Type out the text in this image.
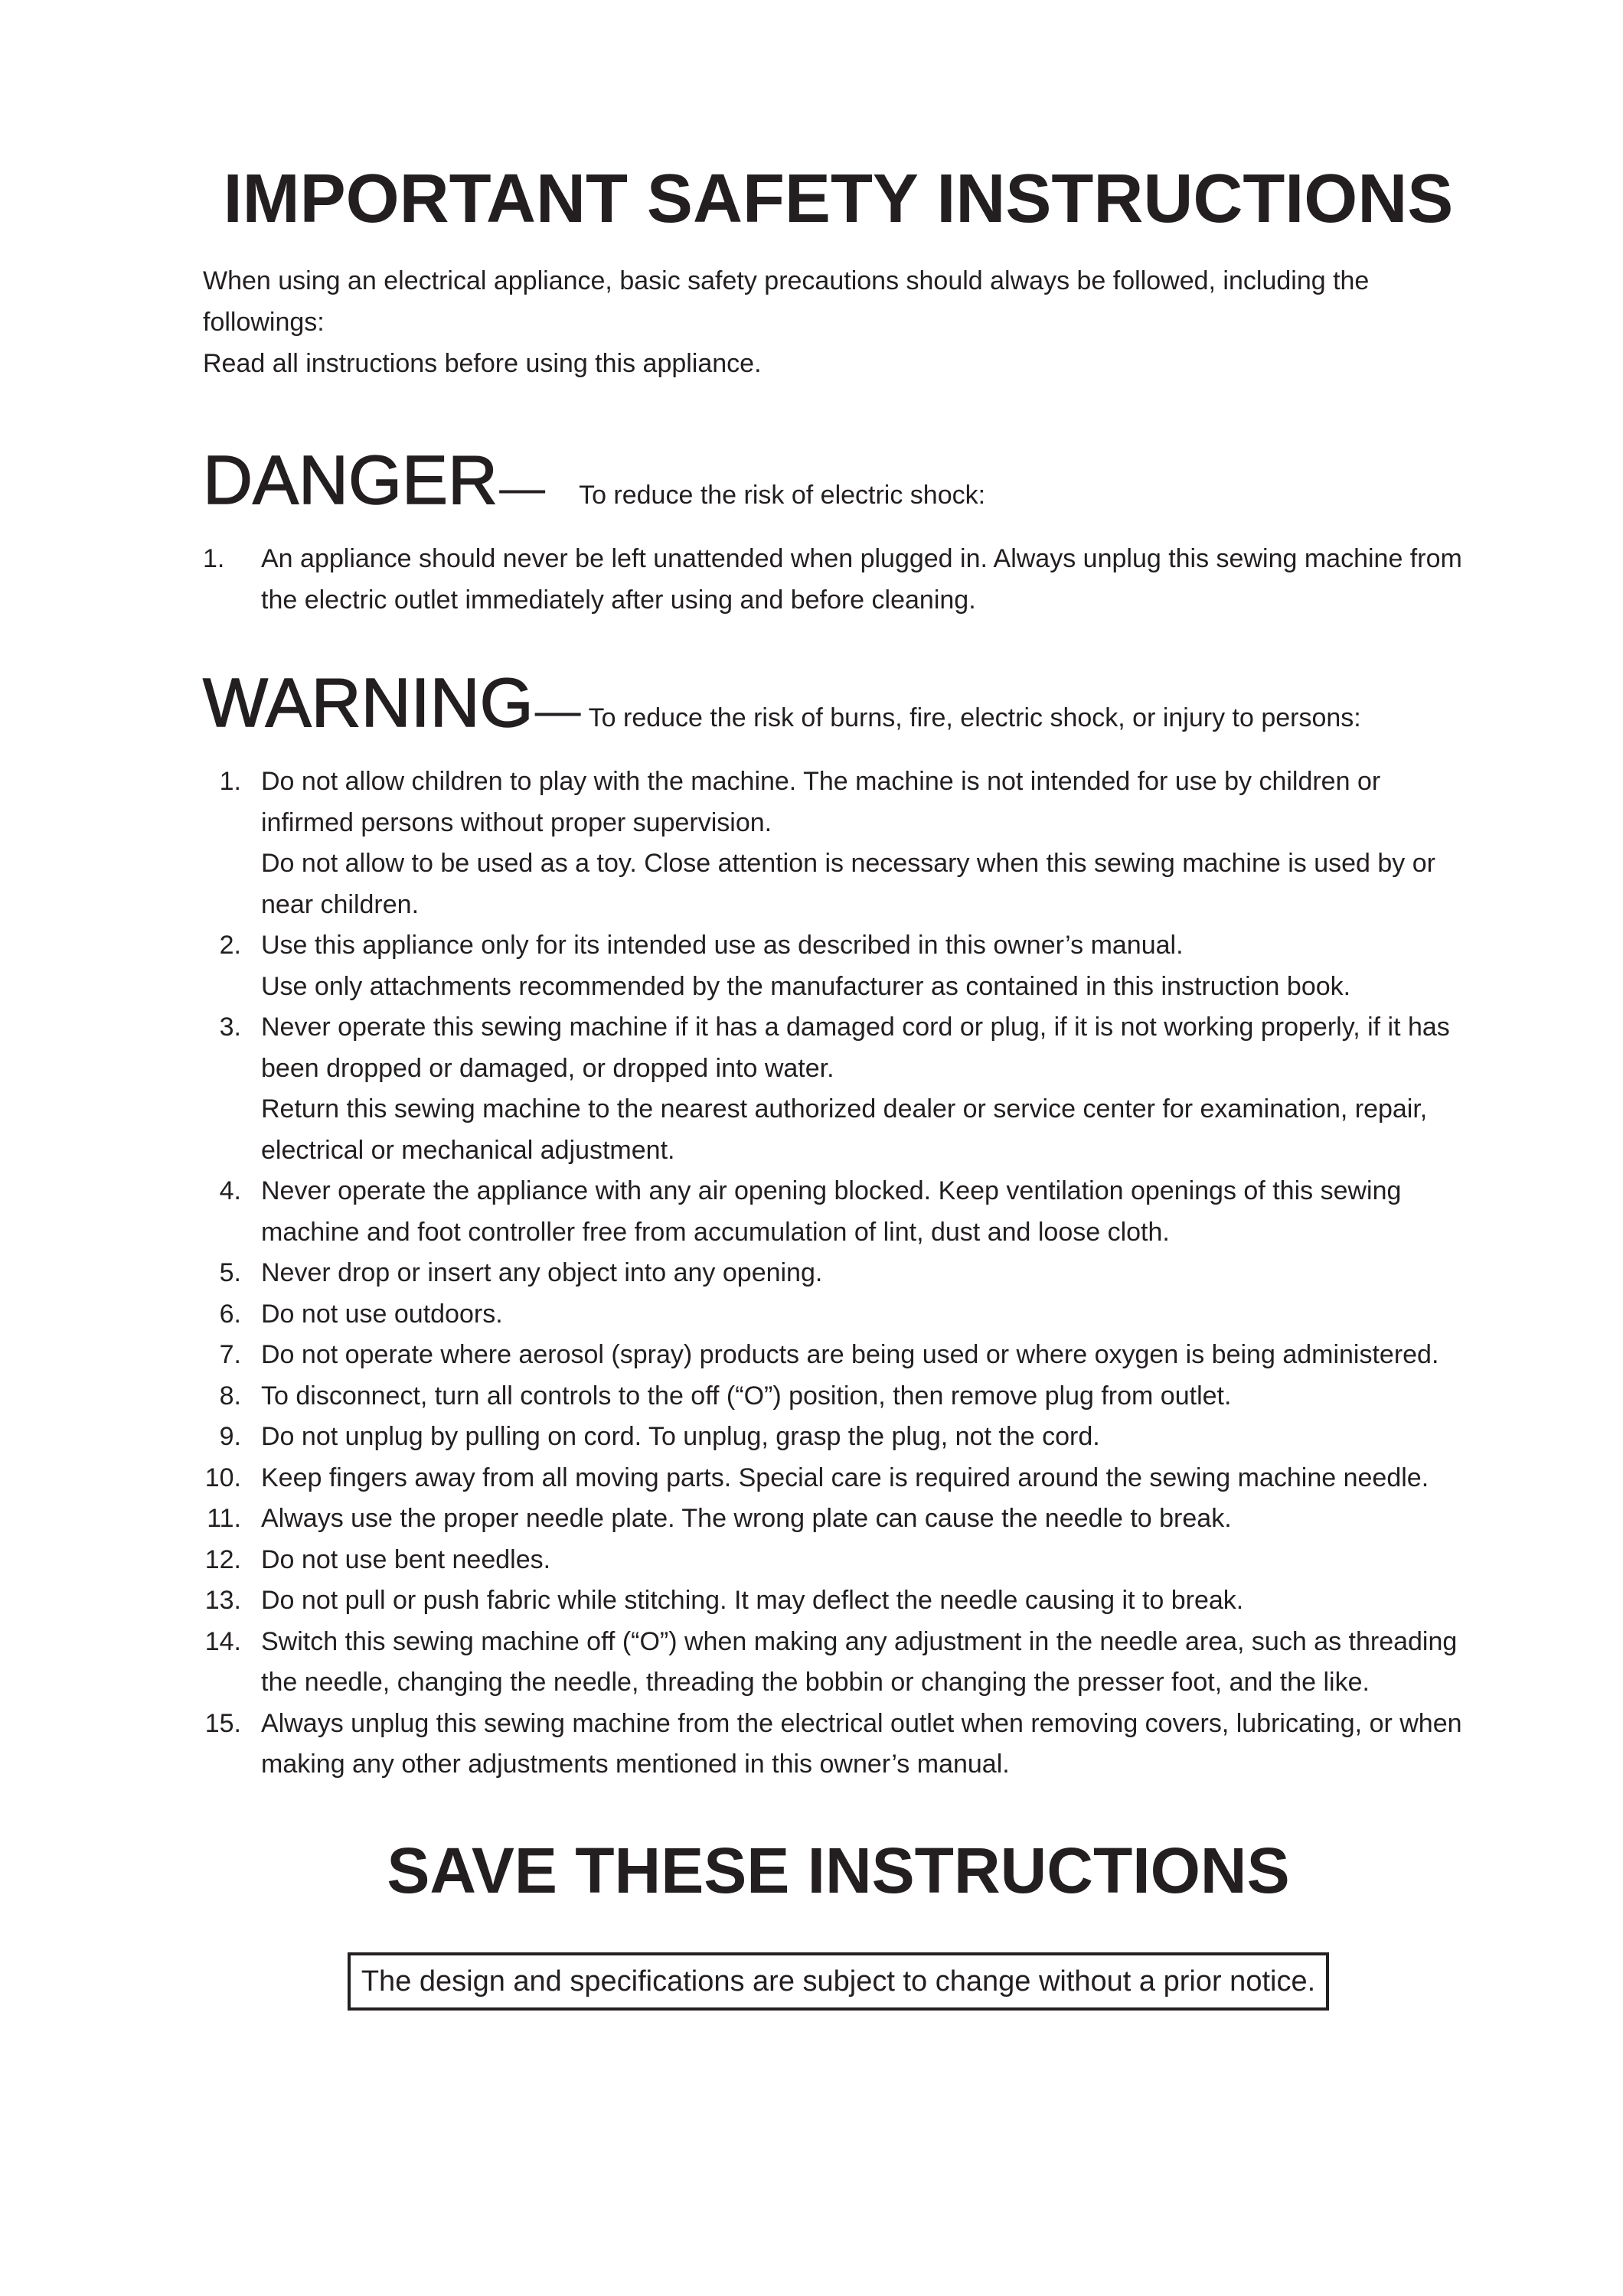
IMPORTANT SAFETY INSTRUCTIONS

When using an electrical appliance, basic safety precautions should always be followed, including the followings:

Read all instructions before using this appliance.

DANGER — To reduce the risk of electric shock:
1.	An appliance should never be left unattended when plugged in. Always unplug this sewing machine from the electric outlet immediately after using and before cleaning.

WARNING — To reduce the risk of burns, fire, electric shock, or injury to persons:
1. Do not allow children to play with the machine. The machine is not intended for use by children or infirmed persons without proper supervision.

Do not allow to be used as a toy. Close attention is necessary when this sewing machine is used by or near children.

2. Use this appliance only for its intended use as described in this owner’s manual.

Use only attachments recommended by the manufacturer as contained in this instruction book.

3. Never operate this sewing machine if it has a damaged cord or plug, if it is not working properly, if it has been dropped or damaged, or dropped into water.

Return this sewing machine to the nearest authorized dealer or service center for examination, repair, electrical or mechanical adjustment.

4. Never operate the appliance with any air opening blocked. Keep ventilation openings of this sewing machine and foot controller free from accumulation of lint, dust and loose cloth.

5. Never drop or insert any object into any opening.

6. Do not use outdoors.

7. Do not operate where aerosol (spray) products are being used or where oxygen is being administered.

8. To disconnect, turn all controls to the off (“O”) position, then remove plug from outlet.

9. Do not unplug by pulling on cord. To unplug, grasp the plug, not the cord.

10. Keep fingers away from all moving parts. Special care is required around the sewing machine needle.

11. Always use the proper needle plate. The wrong plate can cause the needle to break.

12. Do not use bent needles.

13. Do not pull or push fabric while stitching. It may deflect the needle causing it to break.

14. Switch this sewing machine off (“O”) when making any adjustment in the needle area, such as threading the needle, changing the needle, threading the bobbin or changing the presser foot, and the like.

15. Always unplug this sewing machine from the electrical outlet when removing covers, lubricating, or when making any other adjustments mentioned in this owner’s manual.

SAVE THESE INSTRUCTIONS
The design and specifications are subject to change without a prior notice.
